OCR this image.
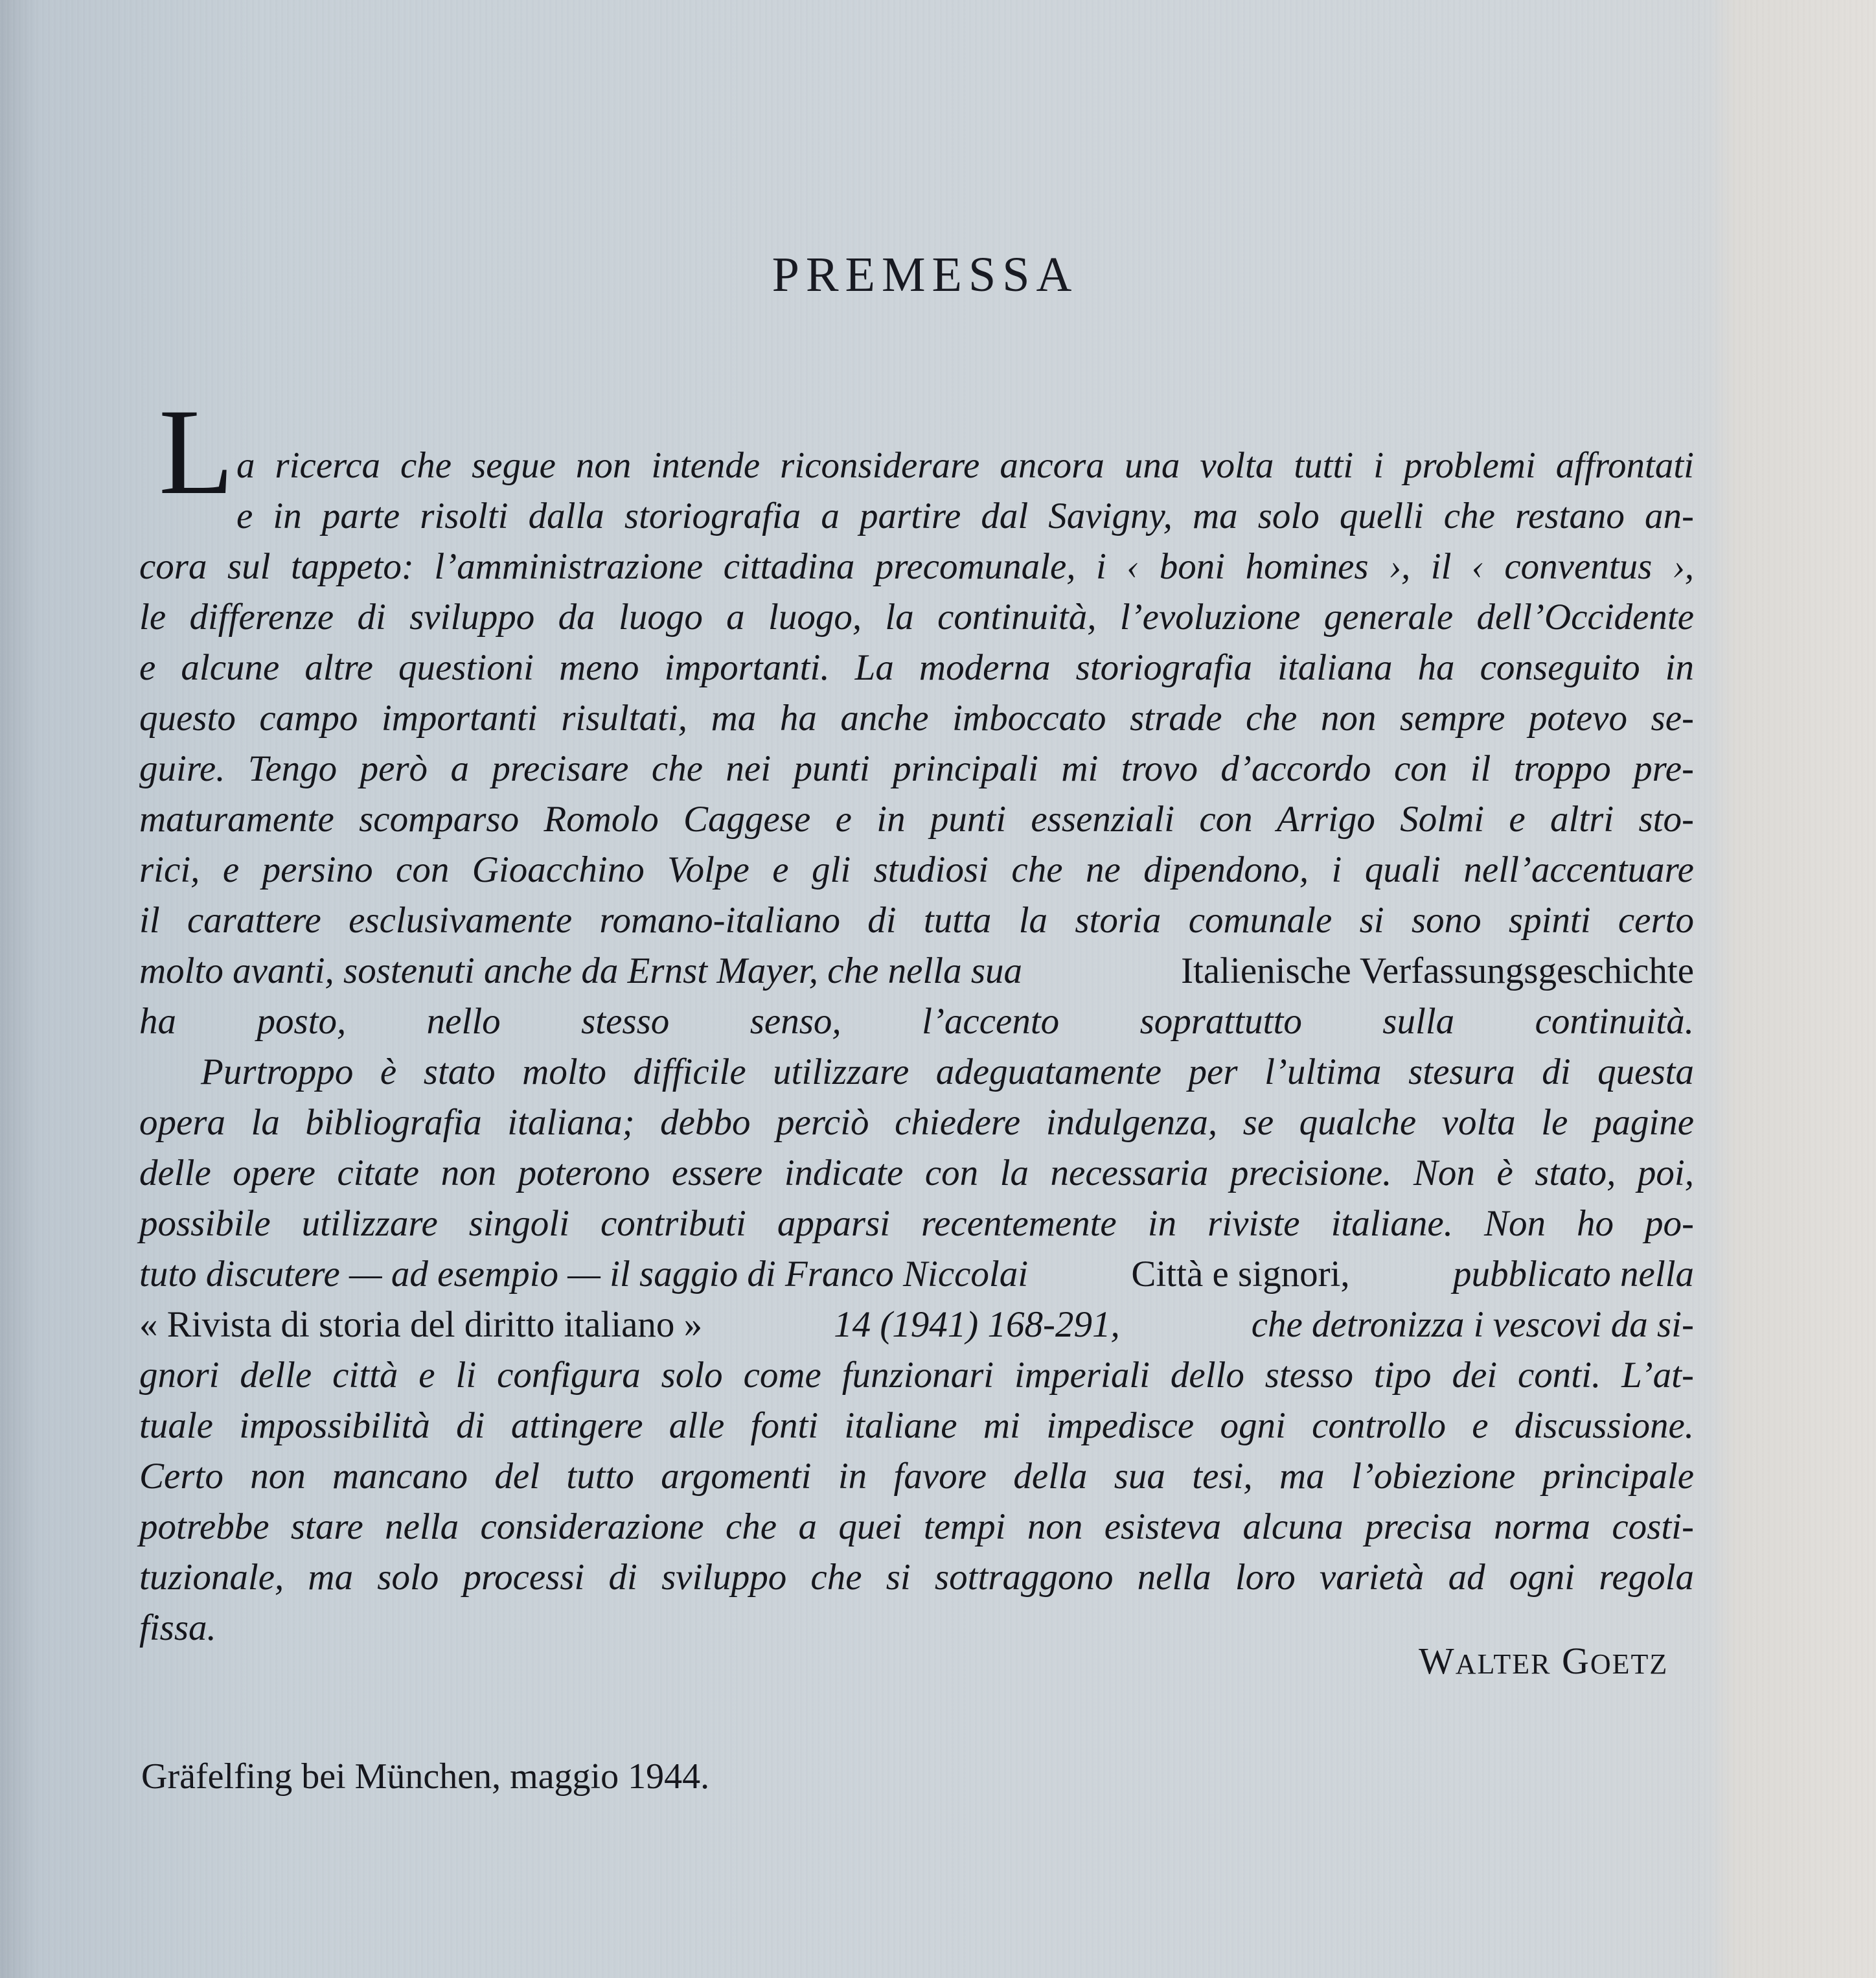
PREMESSA
L a ricerca che segue non intende riconsiderare ancora una volta tutti i problemi affrontati
e in parte risolti dalla storiografia a partire dal Savigny, ma solo quelli che restano an-
cora sul tappeto: l’amministrazione cittadina precomunale, i ‹ boni homines ›, il ‹ conventus ›,
le differenze di sviluppo da luogo a luogo, la continuità, l’evoluzione generale dell’Occidente
e alcune altre questioni meno importanti. La moderna storiografia italiana ha conseguito in
questo campo importanti risultati, ma ha anche imboccato strade che non sempre potevo se-
guire. Tengo però a precisare che nei punti principali mi trovo d’accordo con il troppo pre-
maturamente scomparso Romolo Caggese e in punti essenziali con Arrigo Solmi e altri sto-
rici, e persino con Gioacchino Volpe e gli studiosi che ne dipendono, i quali nell’accentuare
il carattere esclusivamente romano-italiano di tutta la storia comunale si sono spinti certo
molto avanti, sostenuti anche da Ernst Mayer, che nella sua	Italienische Verfassungsgeschichte
ha posto, nello stesso senso, l’accento soprattutto sulla continuità.
Purtroppo è stato molto difficile utilizzare adeguatamente per l’ultima stesura di questa
opera la bibliografia italiana; debbo perciò chiedere indulgenza, se qualche volta le pagine
delle opere citate non poterono essere indicate con la necessaria precisione. Non è stato, poi,
possibile utilizzare singoli contributi apparsi recentemente in riviste italiane. Non ho po-
tuto discutere — ad esempio — il saggio di Franco Niccolai	Città e signori,	pubblicato nella
« Rivista di storia del diritto italiano »	14 (1941) 168-291,	che detronizza i vescovi da si-
gnori delle città e li configura solo come funzionari imperiali dello stesso tipo dei conti. L’at-
tuale impossibilità di attingere alle fonti italiane mi impedisce ogni controllo e discussione.
Certo non mancano del tutto argomenti in favore della sua tesi, ma l’obiezione principale
potrebbe stare nella considerazione che a quei tempi non esisteva alcuna precisa norma costi-
tuzionale, ma solo processi di sviluppo che si sottraggono nella loro varietà ad ogni regola
fissa.
WALTER GOETZ
Gräfelfing bei München, maggio 1944.
